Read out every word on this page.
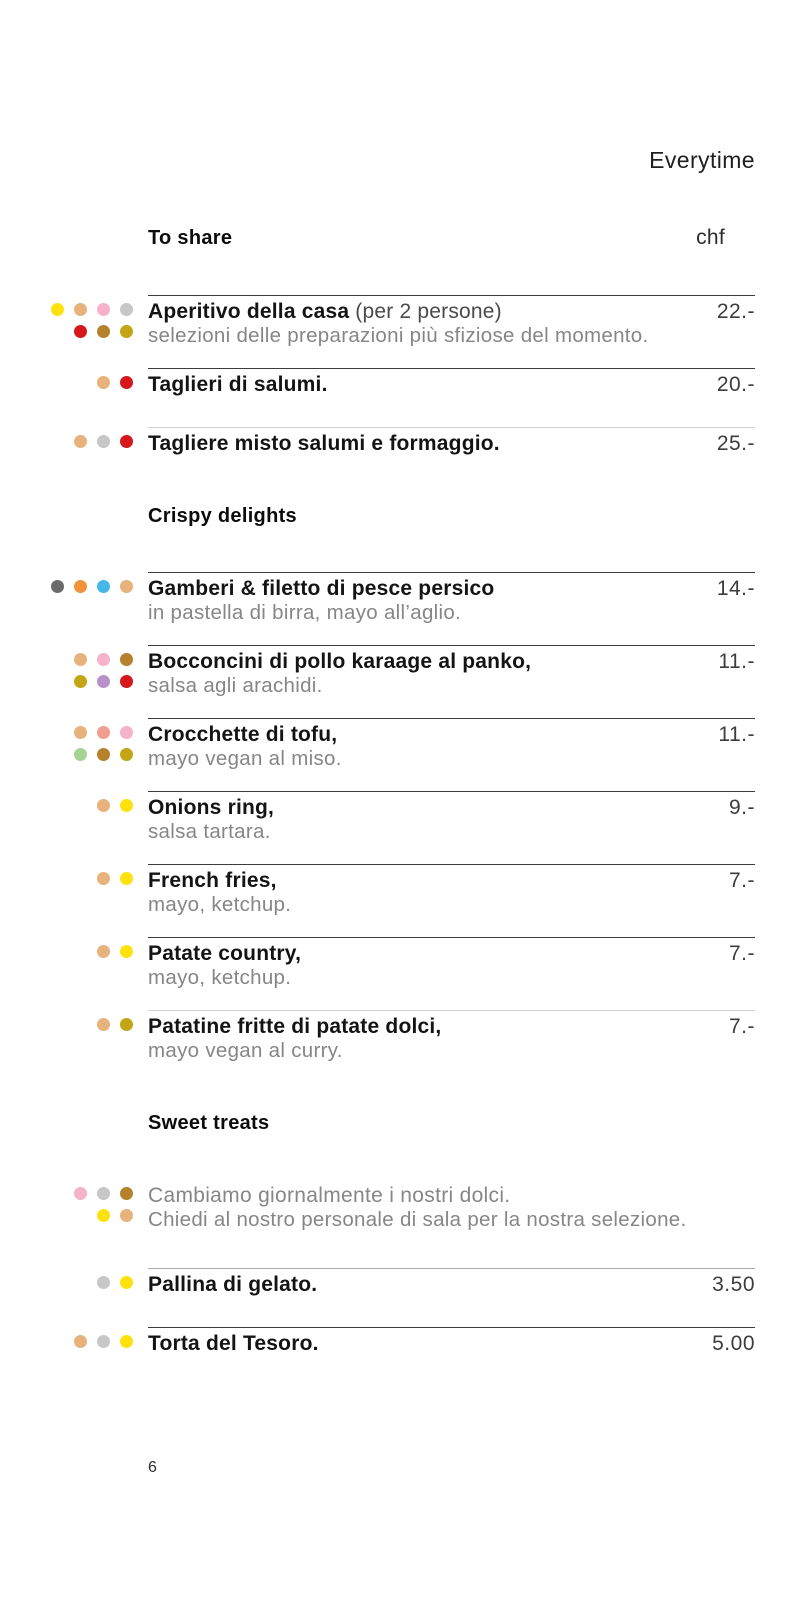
Everytime
To share	chf
Aperitivo della casa (per 2 persone)	22.-
selezioni delle preparazioni più sfiziose del momento.
Taglieri di salumi.	20.-
Tagliere misto salumi e formaggio.	25.-
Crispy delights
Gamberi & filetto di pesce persico	14.-
in pastella di birra, mayo all’aglio.
Bocconcini di pollo karaage al panko,	11.-
salsa agli arachidi.
Crocchette di tofu,	11.-
mayo vegan al miso.
Onions ring,	9.-
salsa tartara.
French fries,	7.-
mayo, ketchup.
Patate country,	7.-
mayo, ketchup.
Patatine fritte di patate dolci,	7.-
mayo vegan al curry.
Sweet treats
Cambiamo giornalmente i nostri dolci.
Chiedi al nostro personale di sala per la nostra selezione.
Pallina di gelato.	3.50
Torta del Tesoro.	5.00
6
